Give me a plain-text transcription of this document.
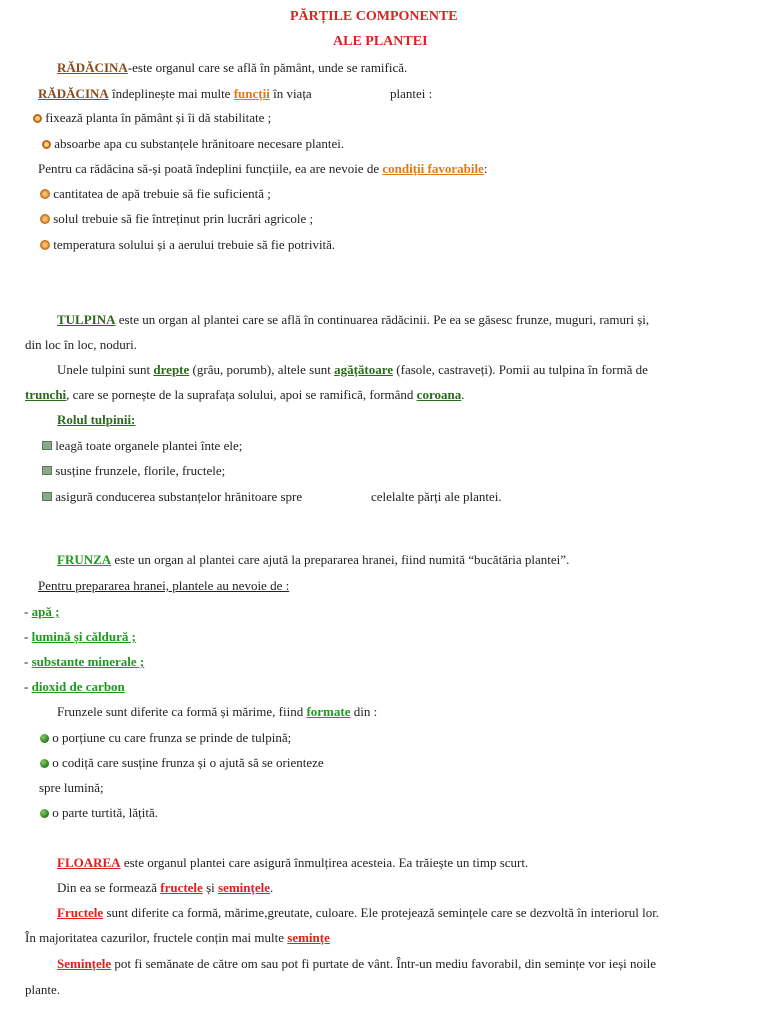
PĂRȚILE COMPONENTE
ALE PLANTEI
RĂDĂCINA-este organul care se află în pământ, unde se ramifică.
RĂDĂCINA îndeplinește mai multe funcții în viața	plantei :
fixează planta în pământ și îi dă stabilitate ;
absoarbe apa cu substanțele hrănitoare necesare plantei.
Pentru ca rădăcina să-și poată îndeplini funcțiile, ea are nevoie de condiții favorabile:
cantitatea de apă trebuie să fie suficientă ;
solul trebuie să fie întreținut prin lucrări agricole ;
temperatura solului și a aerului trebuie să fie potrivită.
TULPINA este un organ al plantei care se află în continuarea rădăcinii. Pe ea se găsesc frunze, muguri, ramuri și,
din loc în loc, noduri.
Unele tulpini sunt drepte (grâu, porumb), altele sunt agățătoare (fasole, castraveți). Pomii au tulpina în formă de
trunchi, care se pornește de la suprafața solului, apoi se ramifică, formând coroana.
Rolul tulpinii:
leagă toate organele plantei înte ele;
susține frunzele, florile, fructele;
asigură conducerea substanțelor hrănitoare spre	celelalte părți ale plantei.
FRUNZA este un organ al plantei care ajută la prepararea hranei, fiind numită “bucătăria plantei”.
Pentru prepararea hranei, plantele au nevoie de :
- apă ;
- lumină și căldură ;
- substante minerale ;
- dioxid de carbon
Frunzele sunt diferite ca formă și mărime, fiind formate din :
o porțiune cu care frunza se prinde de tulpină;
o codiță care susține frunza și o ajută să se orienteze
spre lumină;
o parte turtită, lățită.
FLOAREA este organul plantei care asigură înmulțirea acesteia. Ea trăiește un timp scurt.
Din ea se formează fructele și semințele.
Fructele sunt diferite ca formă, mărime,greutate, culoare. Ele protejează semințele care se dezvoltă în interiorul lor.
În majoritatea cazurilor, fructele conțin mai multe semințe
Semințele pot fi semănate de către om sau pot fi purtate de vânt. Într-un mediu favorabil, din semințe vor ieși noile
plante.
